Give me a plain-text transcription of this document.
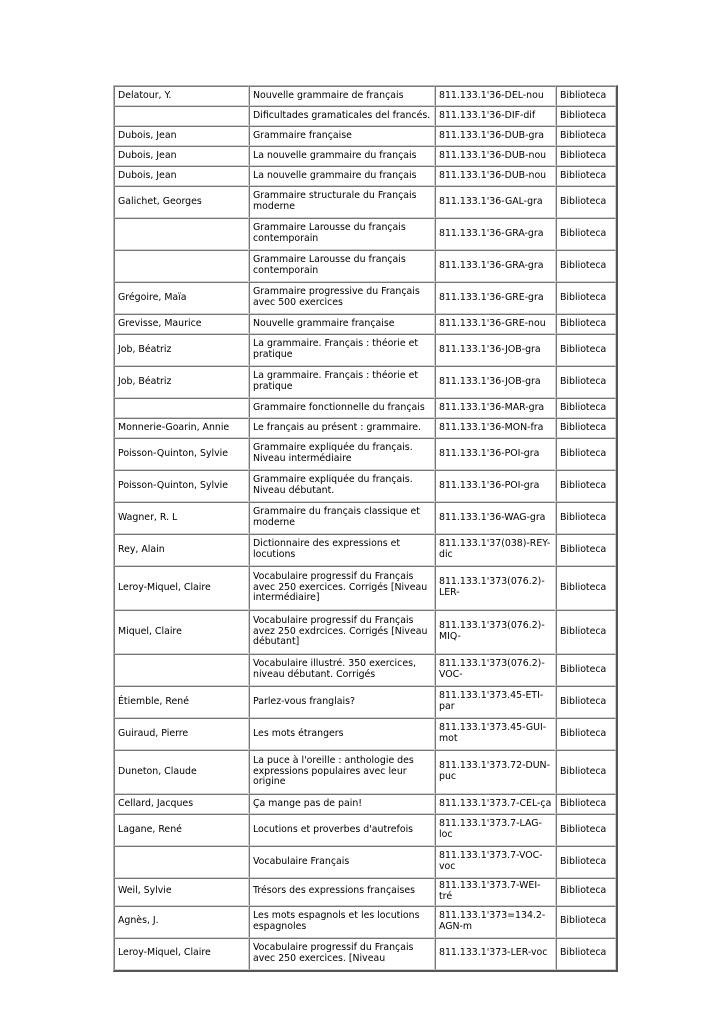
Delatour, Y.	Nouvelle grammaire de français	811.133.1'36-DEL-nou	Biblioteca
	Dificultades gramaticales del francés.	811.133.1'36-DIF-dif	Biblioteca
Dubois, Jean	Grammaire française	811.133.1'36-DUB-gra	Biblioteca
Dubois, Jean	La nouvelle grammaire du français	811.133.1'36-DUB-nou	Biblioteca
Dubois, Jean	La nouvelle grammaire du français	811.133.1'36-DUB-nou	Biblioteca
Galichet, Georges	Grammaire structurale du Français moderne	811.133.1'36-GAL-gra	Biblioteca
	Grammaire Larousse du français contemporain	811.133.1'36-GRA-gra	Biblioteca
	Grammaire Larousse du français contemporain	811.133.1'36-GRA-gra	Biblioteca
Grégoire, Maïa	Grammaire progressive du Français avec 500 exercices	811.133.1'36-GRE-gra	Biblioteca
Grevisse, Maurice	Nouvelle grammaire française	811.133.1'36-GRE-nou	Biblioteca
Job, Béatriz	La grammaire. Français : théorie et pratique	811.133.1'36-JOB-gra	Biblioteca
Job, Béatriz	La grammaire. Français : théorie et pratique	811.133.1'36-JOB-gra	Biblioteca
	Grammaire fonctionnelle du français	811.133.1'36-MAR-gra	Biblioteca
Monnerie-Goarin, Annie	Le français au présent : grammaire.	811.133.1'36-MON-fra	Biblioteca
Poisson-Quinton, Sylvie	Grammaire expliquée du français. Niveau intermédiaire	811.133.1'36-POI-gra	Biblioteca
Poisson-Quinton, Sylvie	Grammaire expliquée du français. Niveau débutant.	811.133.1'36-POI-gra	Biblioteca
Wagner, R. L	Grammaire du français classique et moderne	811.133.1'36-WAG-gra	Biblioteca
Rey, Alain	Dictionnaire des expressions et locutions	811.133.1'37(038)-REY-dic	Biblioteca
Leroy-Miquel, Claire	Vocabulaire progressif du Français avec 250 exercices. Corrigés [Niveau intermédiaire]	811.133.1'373(076.2)-LER-	Biblioteca
Miquel, Claire	Vocabulaire progressif du Français avez 250 exdrcices. Corrigés [Niveau débutant]	811.133.1'373(076.2)-MIQ-	Biblioteca
	Vocabulaire illustré. 350 exercices, niveau débutant. Corrigés	811.133.1'373(076.2)-VOC-	Biblioteca
Étiemble, René	Parlez-vous franglais?	811.133.1'373.45-ETI-par	Biblioteca
Guiraud, Pierre	Les mots étrangers	811.133.1'373.45-GUI-mot	Biblioteca
Duneton, Claude	La puce à l'oreille : anthologie des expressions populaires avec leur origine	811.133.1'373.72-DUN-puc	Biblioteca
Cellard, Jacques	Ça mange pas de pain!	811.133.1'373.7-CEL-ça	Biblioteca
Lagane, René	Locutions et proverbes d'autrefois	811.133.1'373.7-LAG-loc	Biblioteca
	Vocabulaire Français	811.133.1'373.7-VOC-voc	Biblioteca
Weil, Sylvie	Trésors des expressions françaises	811.133.1'373.7-WEI-tré	Biblioteca
Agnès, J.	Les mots espagnols et les locutions espagnoles	811.133.1'373=134.2-AGN-m	Biblioteca
Leroy-Miquel, Claire	Vocabulaire progressif du Français avec 250 exercices. [Niveau	811.133.1'373-LER-voc	Biblioteca
